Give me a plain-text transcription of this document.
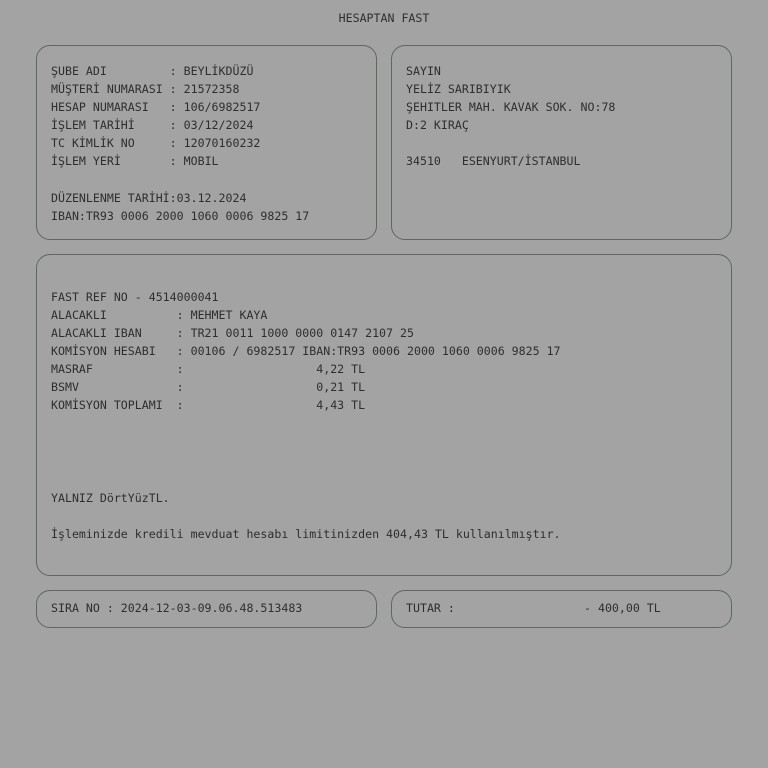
HESAPTAN FAST
ŞUBE ADI         : BEYLİKDÜZÜ
MÜŞTERİ NUMARASI : 21572358
HESAP NUMARASI   : 106/6982517
İŞLEM TARİHİ     : 03/12/2024
TC KİMLİK NO     : 12070160232
İŞLEM YERİ       : MOBIL
DÜZENLENME TARİHİ:03.12.2024
IBAN:TR93 0006 2000 1060 0006 9825 17
SAYIN
YELİZ SARIBIYIK
ŞEHITLER MAH. KAVAK SOK. NO:78
D:2 KIRAÇ
34510   ESENYURT/İSTANBUL
FAST REF NO - 4514000041
ALACAKLI          : MEHMET KAYA
ALACAKLI IBAN     : TR21 0011 1000 0000 0147 2107 25
KOMİSYON HESABI   : 00106 / 6982517 IBAN:TR93 0006 2000 1060 0006 9825 17
MASRAF            :                   4,22 TL
BSMV              :                   0,21 TL
KOMİSYON TOPLAMI  :                   4,43 TL
YALNIZ DörtYüzTL.
İşleminizde kredili mevduat hesabı limitinizden 404,43 TL kullanılmıştır.
SIRA NO : 2024-12-03-09.06.48.513483	TUTAR :	- 400,00 TL
